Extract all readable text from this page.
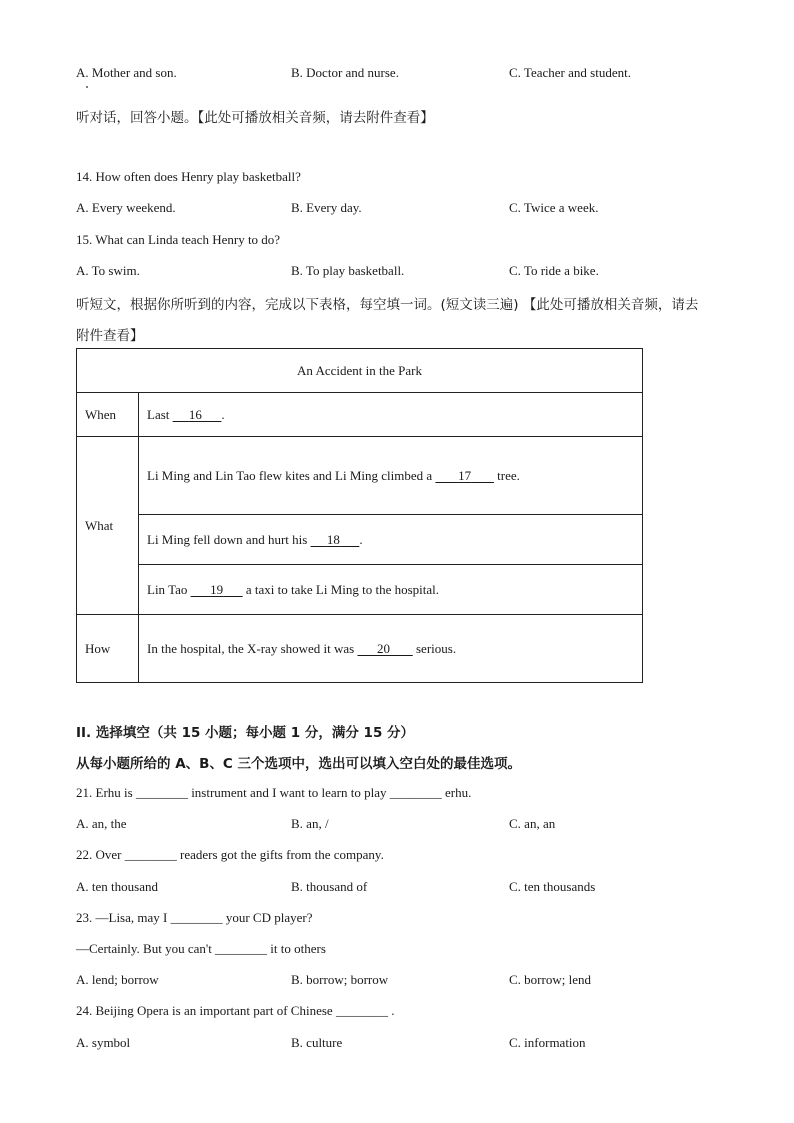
A. Mother and son.	B. Doctor and nurse.	C. Teacher and student.
听对话，回答小题。【此处可播放相关音频，请去附件查看】
14. How often does Henry play basketball?
A. Every weekend.	B. Every day.	C. Twice a week.
15. What can Linda teach Henry to do?
A. To swim.	B. To play basketball.	C. To ride a bike.
听短文，根据你所听到的内容，完成以下表格，每空填一词。(短文读三遍) 【此处可播放相关音频，请去
附件查看】
An Accident in the Park	
When	Last      16 .
What	Li Ming and Lin Tao flew kites and Li Ming climbed a        17        tree.
	Li Ming fell down and hurt his      18 .
	Lin Tao       19       a taxi to take Li Ming to the hospital.
How	In the hospital, the X-ray showed it was       20        serious.
II. 选择填空（共 15 小题；每小题 1 分，满分 15 分）
从每小题所给的 A、B、C 三个选项中，选出可以填入空白处的最佳选项。
21. Erhu is ________ instrument and I want to learn to play ________ erhu.
A. an, the	B. an, /	C. an, an
22. Over ________ readers got the gifts from the company.
A. ten thousand	B. thousand of	C. ten thousands
23. —Lisa, may I ________ your CD player?
—Certainly. But you can't ________ it to others
A. lend; borrow	B. borrow; borrow	C. borrow; lend
24. Beijing Opera is an important part of Chinese ________ .
A. symbol	B. culture	C. information
